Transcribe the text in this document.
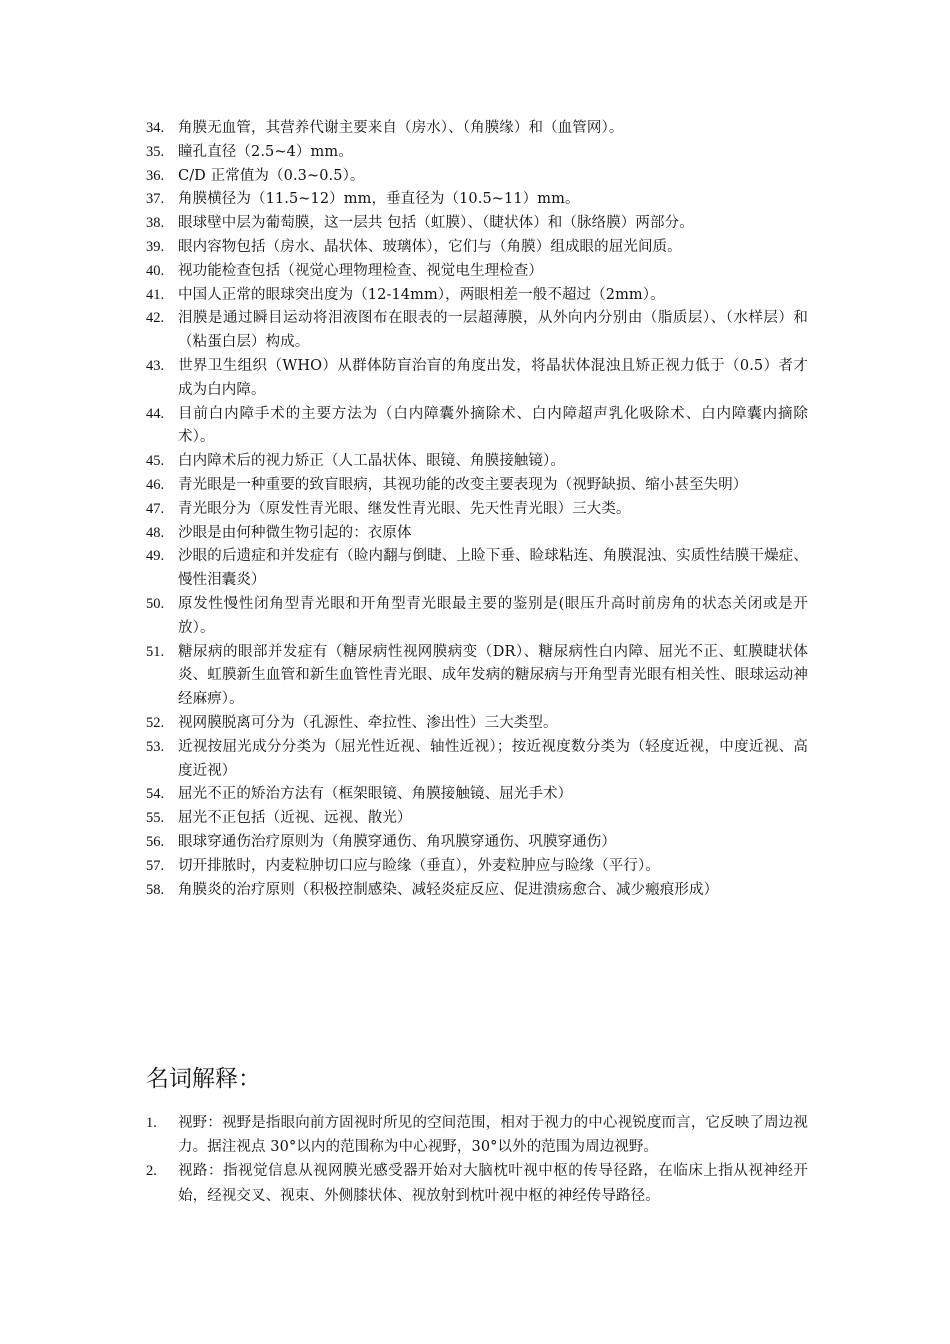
34. 角膜无血管，其营养代谢主要来自（房水）、（角膜缘）和（血管网）。
35. 瞳孔直径（2.5~4）mm。
36. C/D 正常值为（0.3~0.5）。
37. 角膜横径为（11.5~12）mm，垂直径为（10.5~11）mm。
38. 眼球壁中层为葡萄膜，这一层共 包括（虹膜）、（睫状体）和（脉络膜）两部分。
39. 眼内容物包括（房水、晶状体、玻璃体），它们与（角膜）组成眼的屈光间质。
40. 视功能检查包括（视觉心理物理检查、视觉电生理检查）
41. 中国人正常的眼球突出度为（12-14mm），两眼相差一般不超过（2mm）。
42. 泪膜是通过瞬目运动将泪液图布在眼表的一层超薄膜，从外向内分别由（脂质层）、（水样层）和（粘蛋白层）构成。
43. 世界卫生组织（WHO）从群体防盲治盲的角度出发，将晶状体混浊且矫正视力低于（0.5）者才成为白内障。
44. 目前白内障手术的主要方法为（白内障囊外摘除术、白内障超声乳化吸除术、白内障囊内摘除术）。
45. 白内障术后的视力矫正（人工晶状体、眼镜、角膜接触镜）。
46. 青光眼是一种重要的致盲眼病，其视功能的改变主要表现为（视野缺损、缩小甚至失明）
47. 青光眼分为（原发性青光眼、继发性青光眼、先天性青光眼）三大类。
48. 沙眼是由何种微生物引起的：衣原体
49. 沙眼的后遗症和并发症有（睑内翻与倒睫、上睑下垂、睑球粘连、角膜混浊、实质性结膜干燥症、慢性泪囊炎）
50. 原发性慢性闭角型青光眼和开角型青光眼最主要的鉴别是(眼压升高时前房角的状态关闭或是开放）。
51. 糖尿病的眼部并发症有（糖尿病性视网膜病变（DR）、糖尿病性白内障、屈光不正、虹膜睫状体炎、虹膜新生血管和新生血管性青光眼、成年发病的糖尿病与开角型青光眼有相关性、眼球运动神经麻痹）。
52. 视网膜脱离可分为（孔源性、牵拉性、渗出性）三大类型。
53. 近视按屈光成分分类为（屈光性近视、轴性近视）；按近视度数分类为（轻度近视，中度近视、高度近视）
54. 屈光不正的矫治方法有（框架眼镜、角膜接触镜、屈光手术）
55. 屈光不正包括（近视、远视、散光）
56. 眼球穿通伤治疗原则为（角膜穿通伤、角巩膜穿通伤、巩膜穿通伤）
57. 切开排脓时，内麦粒肿切口应与睑缘（垂直），外麦粒肿应与睑缘（平行）。
58. 角膜炎的治疗原则（积极控制感染、减轻炎症反应、促进溃疡愈合、减少瘢痕形成）
名词解释：
1.	视野：视野是指眼向前方固视时所见的空间范围，相对于视力的中心视锐度而言，它反映了周边视力。据注视点 30°以内的范围称为中心视野，30°以外的范围为周边视野。
2.	视路：指视觉信息从视网膜光感受器开始对大脑枕叶视中枢的传导径路，在临床上指从视神经开始，经视交叉、视束、外侧膝状体、视放射到枕叶视中枢的神经传导路径。
